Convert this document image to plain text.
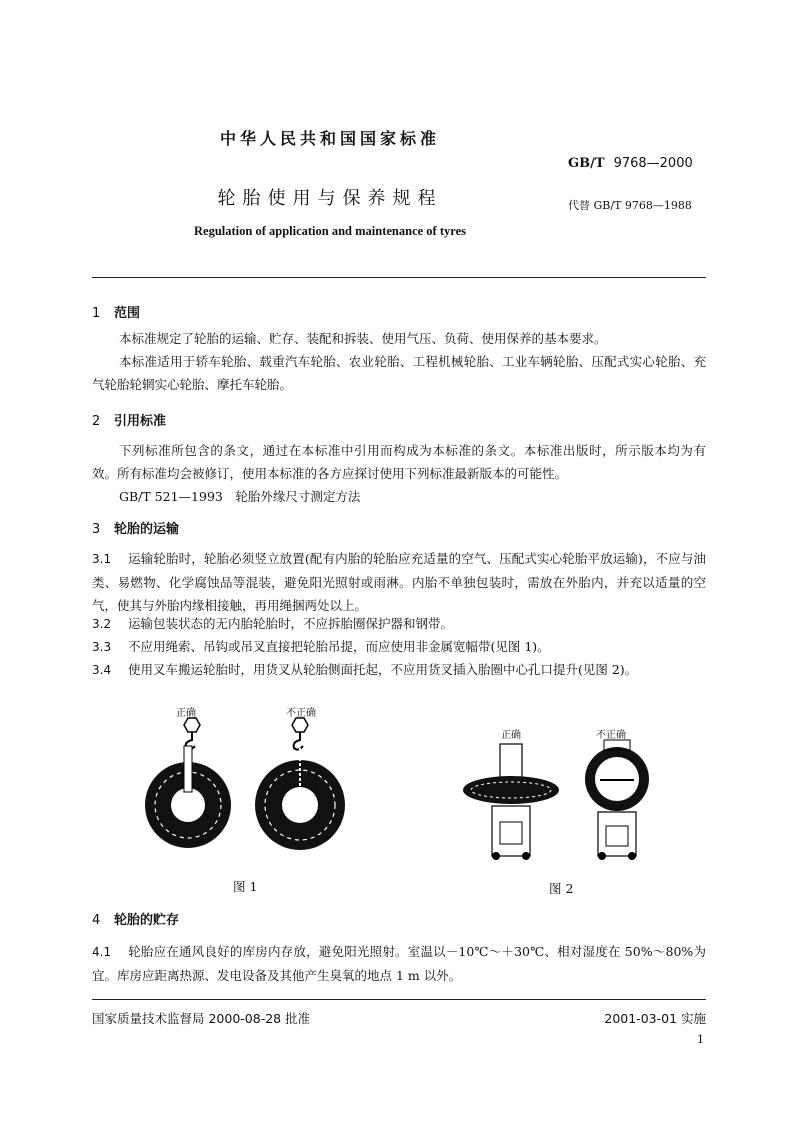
中华人民共和国国家标准
GB/T 9768—2000
轮胎使用与保养规程	代替 GB/T 9768—1988
Regulation of application and maintenance of tyres
1 范围
本标准规定了轮胎的运输、贮存、装配和拆装、使用气压、负荷、使用保养的基本要求。
本标准适用于轿车轮胎、载重汽车轮胎、农业轮胎、工程机械轮胎、工业车辆轮胎、压配式实心轮胎、充气轮胎轮辋实心轮胎、摩托车轮胎。
2 引用标准
下列标准所包含的条文，通过在本标准中引用而构成为本标准的条文。本标准出版时，所示版本均为有效。所有标准均会被修订，使用本标准的各方应探讨使用下列标准最新版本的可能性。
GB/T 521—1993　轮胎外缘尺寸测定方法
3 轮胎的运输
3.1 运输轮胎时，轮胎必须竖立放置(配有内胎的轮胎应充适量的空气、压配式实心轮胎平放运输)，不应与油类、易燃物、化学腐蚀品等混装，避免阳光照射或雨淋。内胎不单独包装时，需放在外胎内，并充以适量的空气，使其与外胎内缘相接触，再用绳捆两处以上。
3.2 运输包装状态的无内胎轮胎时，不应拆胎圈保护器和钢带。
3.3 不应用绳索、吊钩或吊叉直接把轮胎吊提，而应使用非金属宽幅带(见图 1)。
3.4 使用叉车搬运轮胎时，用货叉从轮胎侧面托起，不应用货叉插入胎圈中心孔口提升(见图 2)。
正确	不正确
图 1
正确	不正确
图 2
4 轮胎的贮存
4.1 轮胎应在通风良好的库房内存放，避免阳光照射。室温以－10℃～＋30℃、相对湿度在 50%～80%为宜。库房应距离热源、发电设备及其他产生臭氧的地点 1 m 以外。
国家质量技术监督局 2000-08-28 批准	2001-03-01 实施
1
